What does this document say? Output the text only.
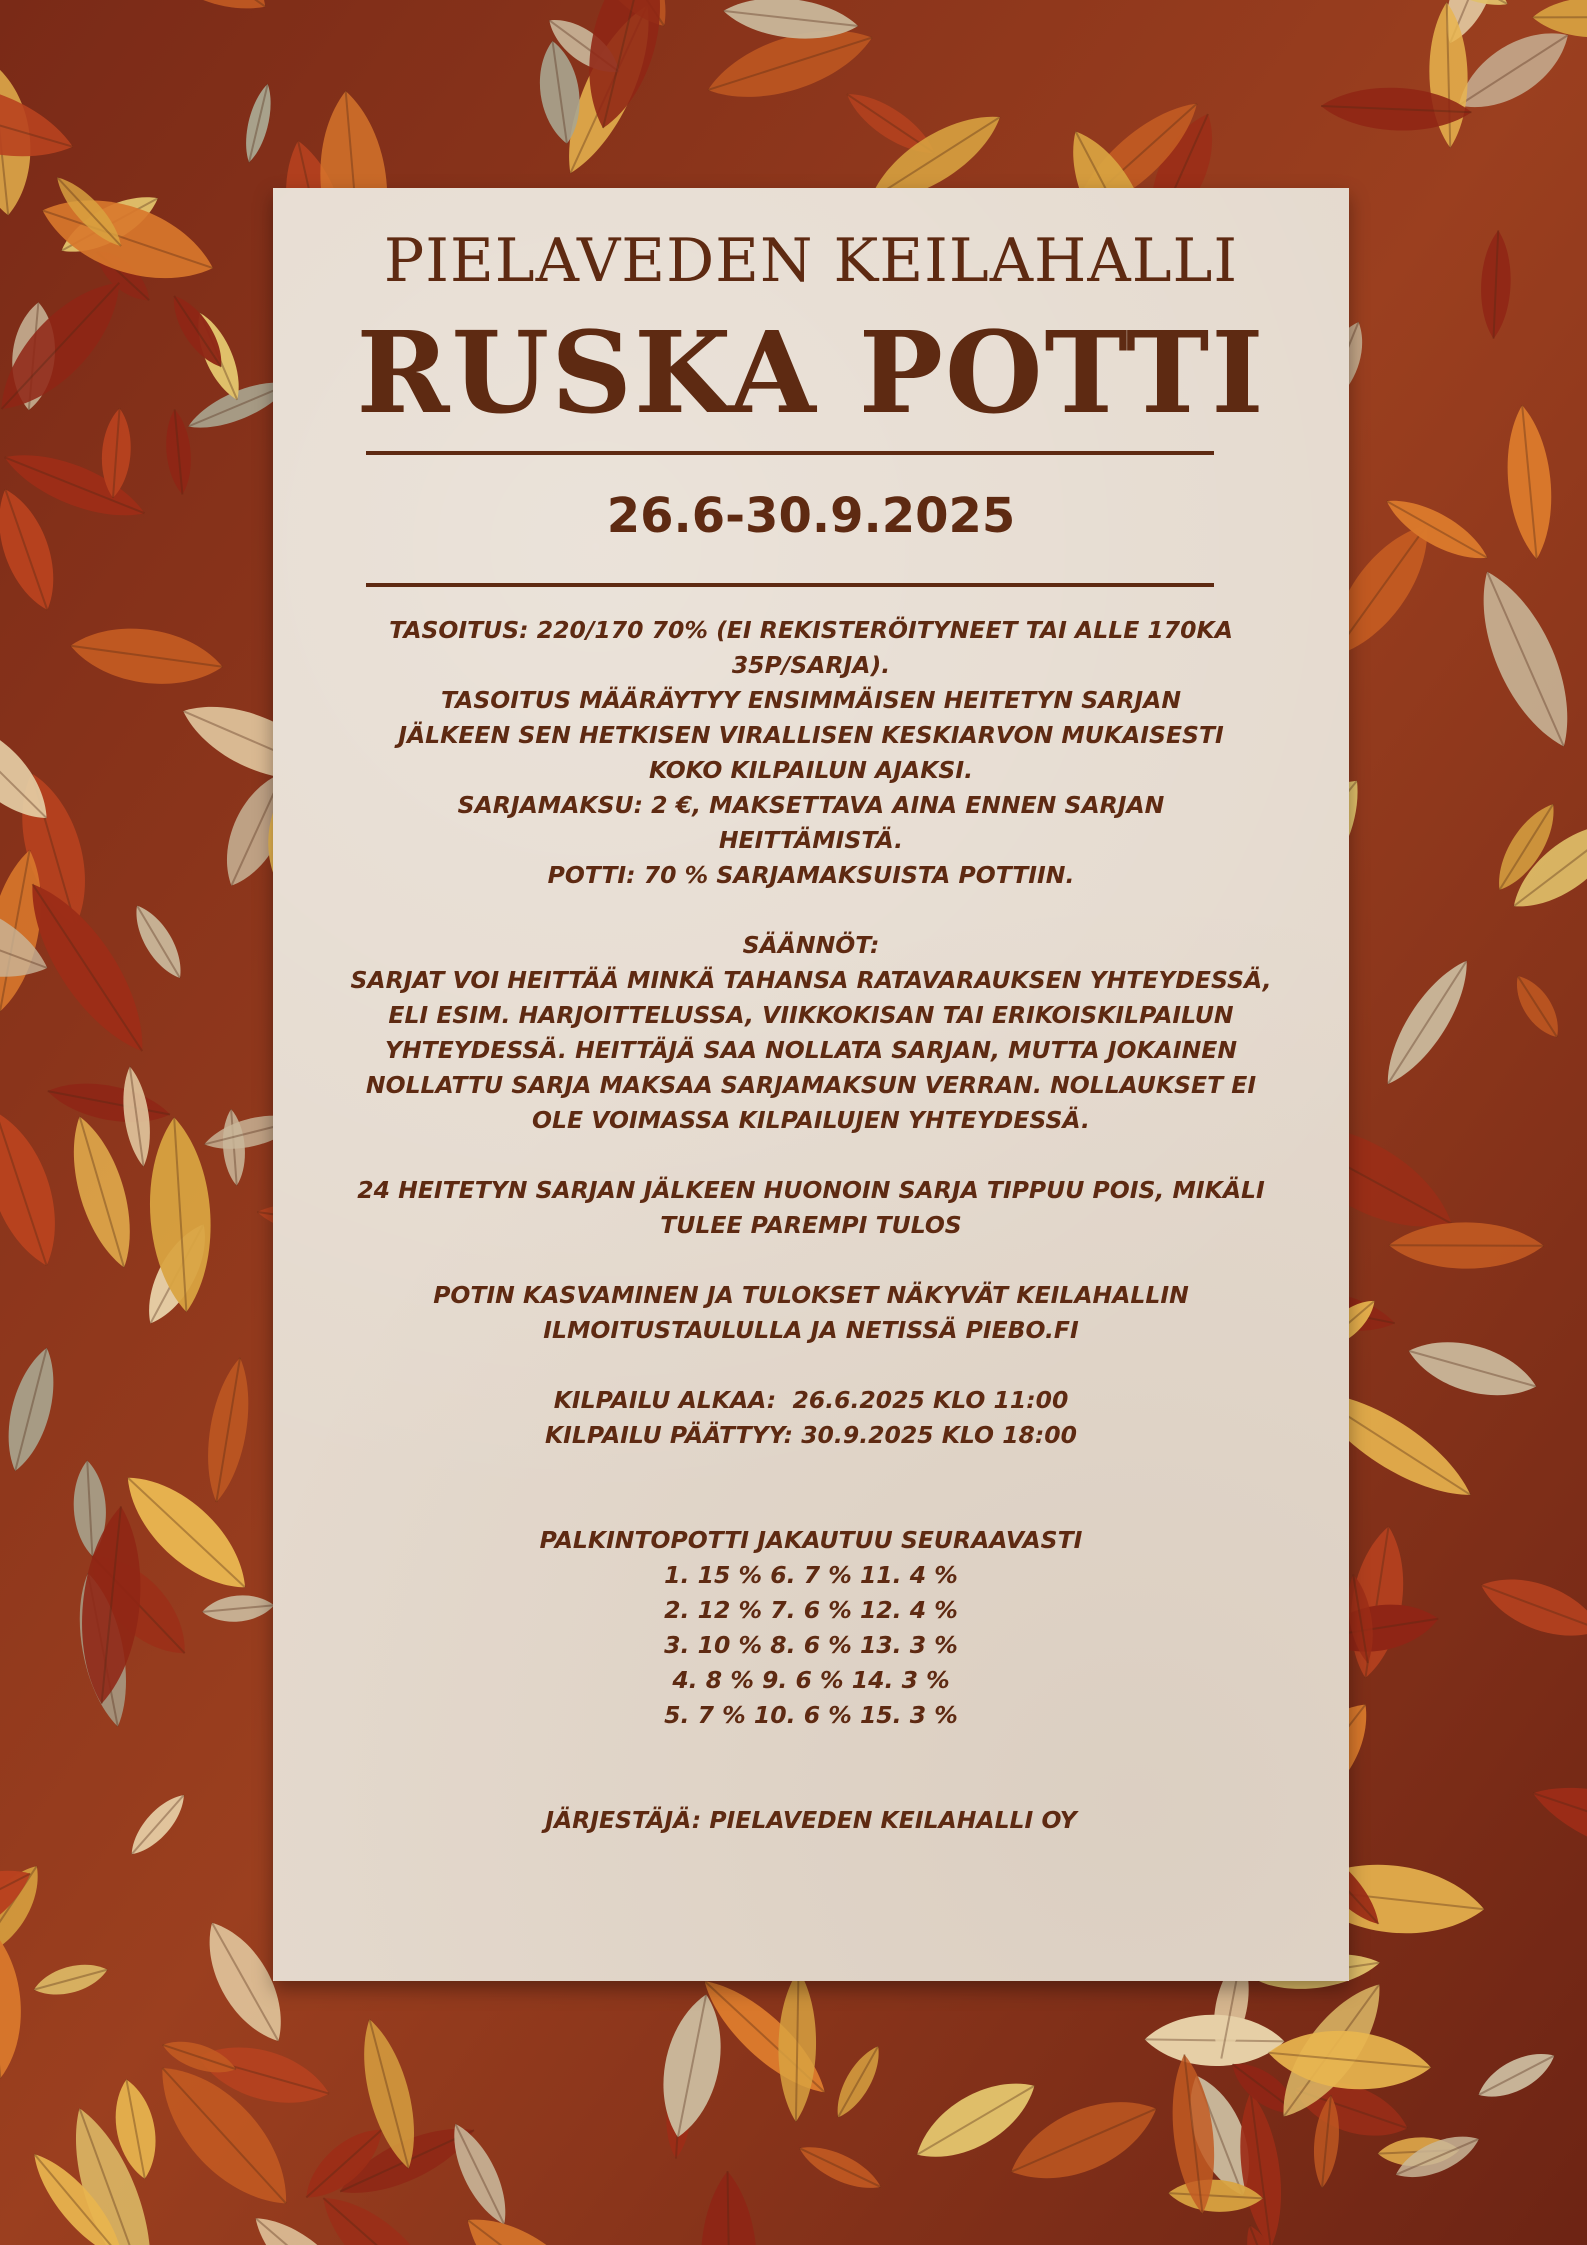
PIELAVEDEN KEILAHALLI
RUSKA POTTI
26.6-30.9.2025

TASOITUS: 220/170 70% (EI REKISTERÖITYNEET TAI ALLE 170KA

35P/SARJA).

TASOITUS MÄÄRÄYTYY ENSIMMÄISEN HEITETYN SARJAN

JÄLKEEN SEN HETKISEN VIRALLISEN KESKIARVON MUKAISESTI

KOKO KILPAILUN AJAKSI.

SARJAMAKSU: 2 €, MAKSETTAVA AINA ENNEN SARJAN

HEITTÄMISTÄ.

POTTI: 70 % SARJAMAKSUISTA POTTIIN.

SÄÄNNÖT:

SARJAT VOI HEITTÄÄ MINKÄ TAHANSA RATAVARAUKSEN YHTEYDESSÄ,

ELI ESIM. HARJOITTELUSSA, VIIKKOKISAN TAI ERIKOISKILPAILUN

YHTEYDESSÄ. HEITTÄJÄ SAA NOLLATA SARJAN, MUTTA JOKAINEN

NOLLATTU SARJA MAKSAA SARJAMAKSUN VERRAN. NOLLAUKSET EI

OLE VOIMASSA KILPAILUJEN YHTEYDESSÄ.

24 HEITETYN SARJAN JÄLKEEN HUONOIN SARJA TIPPUU POIS, MIKÄLI

TULEE PAREMPI TULOS

POTIN KASVAMINEN JA TULOKSET NÄKYVÄT KEILAHALLIN

ILMOITUSTAULULLA JA NETISSÄ PIEBO.FI

KILPAILU ALKAA:  26.6.2025 KLO 11:00

KILPAILU PÄÄTTYY: 30.9.2025 KLO 18:00

PALKINTOPOTTI JAKAUTUU SEURAAVASTI

1. 15 % 6. 7 % 11. 4 %

2. 12 % 7. 6 % 12. 4 %

3. 10 % 8. 6 % 13. 3 %

4. 8 % 9. 6 % 14. 3 %

5. 7 % 10. 6 % 15. 3 %

JÄRJESTÄJÄ: PIELAVEDEN KEILAHALLI OY
